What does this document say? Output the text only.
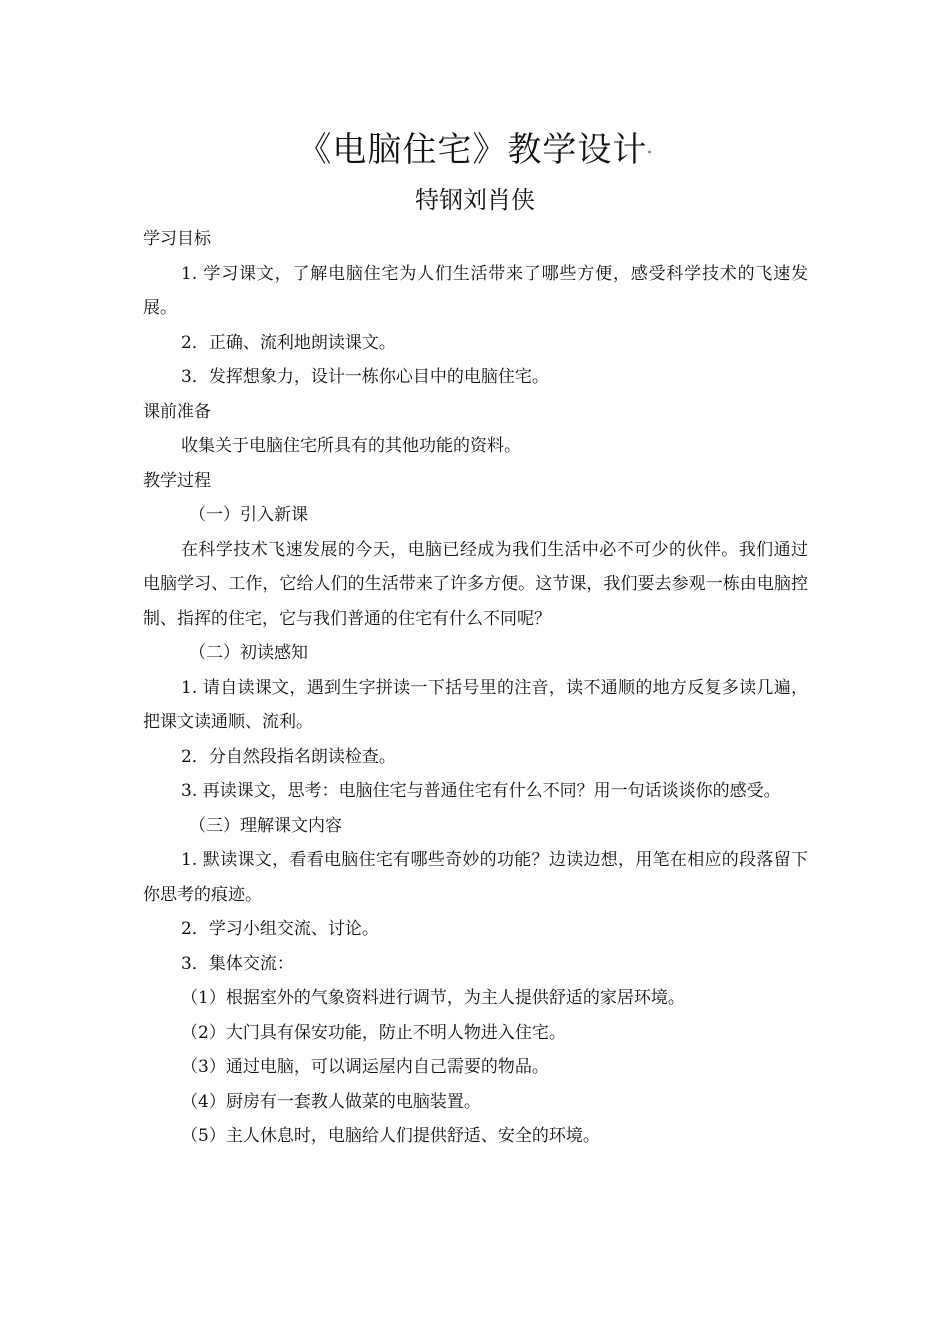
《电脑住宅》教学设计-
特钢刘肖侠

学习目标

1. 学习课文，了解电脑住宅为人们生活带来了哪些方便，感受科学技术的飞速发展。

2．正确、流利地朗读课文。

3．发挥想象力，设计一栋你心目中的电脑住宅。

课前准备

收集关于电脑住宅所具有的其他功能的资料。

教学过程

（一）引入新课

在科学技术飞速发展的今天，电脑已经成为我们生活中必不可少的伙伴。我们通过电脑学习、工作，它给人们的生活带来了许多方便。这节课，我们要去参观一栋由电脑控制、指挥的住宅，它与我们普通的住宅有什么不同呢？

（二）初读感知

1. 请自读课文，遇到生字拼读一下括号里的注音，读不通顺的地方反复多读几遍，把课文读通顺、流利。

2．分自然段指名朗读检查。

3. 再读课文，思考：电脑住宅与普通住宅有什么不同？用一句话谈谈你的感受。

（三）理解课文内容

1. 默读课文，看看电脑住宅有哪些奇妙的功能？边读边想，用笔在相应的段落留下你思考的痕迹。

2．学习小组交流、讨论。

3．集体交流：

（1）根据室外的气象资料进行调节，为主人提供舒适的家居环境。

（2）大门具有保安功能，防止不明人物进入住宅。

（3）通过电脑，可以调运屋内自己需要的物品。

（4）厨房有一套教人做菜的电脑装置。

（5）主人休息时，电脑给人们提供舒适、安全的环境。
